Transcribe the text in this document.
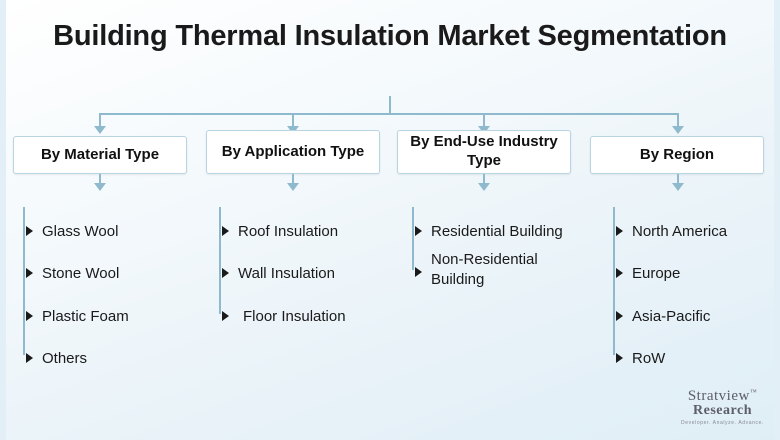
Building Thermal Insulation Market Segmentation
By Material Type	By Application Type
By End-Use Industry Type	By Region
Glass Wool
Stone Wool
Plastic Foam
Others
Roof Insulation
Wall Insulation
Floor Insulation
Residential Building
Non-Residential Building
North America
Europe
Asia-Pacific
RoW
Stratview™
Research
Developer. Analyze. Advance.
